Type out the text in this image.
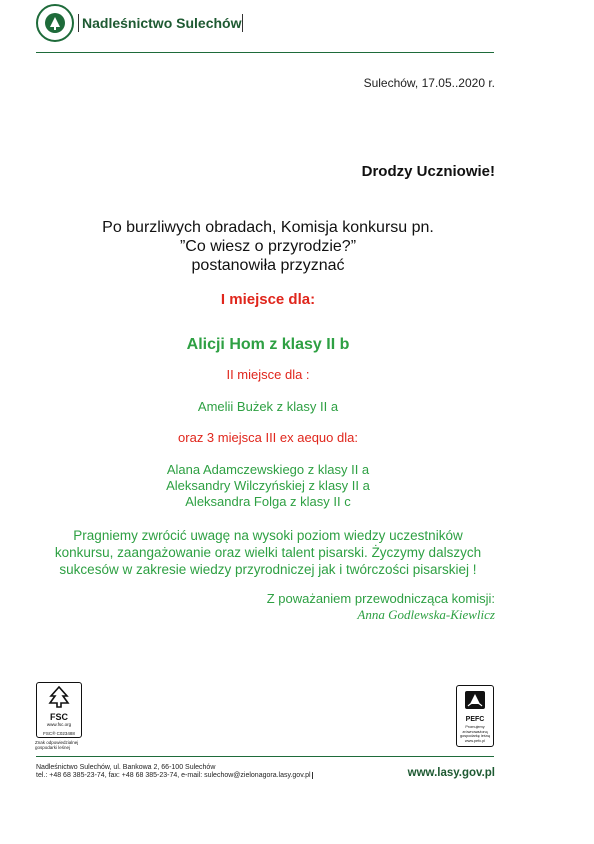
Nadleśnictwo Sulechów
Sulechów, 17.05..2020 r.
Drodzy Uczniowie!
Po burzliwych obradach, Komisja konkursu pn.
”Co wiesz o przyrodzie?”
postanowiła przyznać
I miejsce dla:
Alicji Hom z klasy II b
II miejsce dla :
Amelii Bużek z klasy II a
oraz 3 miejsca III ex aequo dla:
Alana Adamczewskiego z klasy II a
Aleksandry Wilczyńskiej z klasy II a
Aleksandra Folga z klasy II c
Pragniemy zwrócić uwagę na wysoki poziom wiedzy uczestników
konkursu, zaangażowanie oraz wielki talent pisarski. Życzymy dalszych
sukcesów w zakresie wiedzy przyrodniczej jak i twórczości pisarskiej !
Z poważaniem przewodnicząca komisji:
Anna Godlewska-Kiewlicz
FSC
www.fsc.org
FSC® C023488
Znak odpowiedzialnej gospodarki leśnej
PEFC
Promujemy zrównoważoną gospodarkę leśną www.pefc.pl
Nadleśnictwo Sulechów, ul. Bankowa 2, 66-100 Sulechów
tel.: +48 68 385-23-74, fax: +48 68 385-23-74, e-mail: sulechow@zielonagora.lasy.gov.pl	www.lasy.gov.pl
